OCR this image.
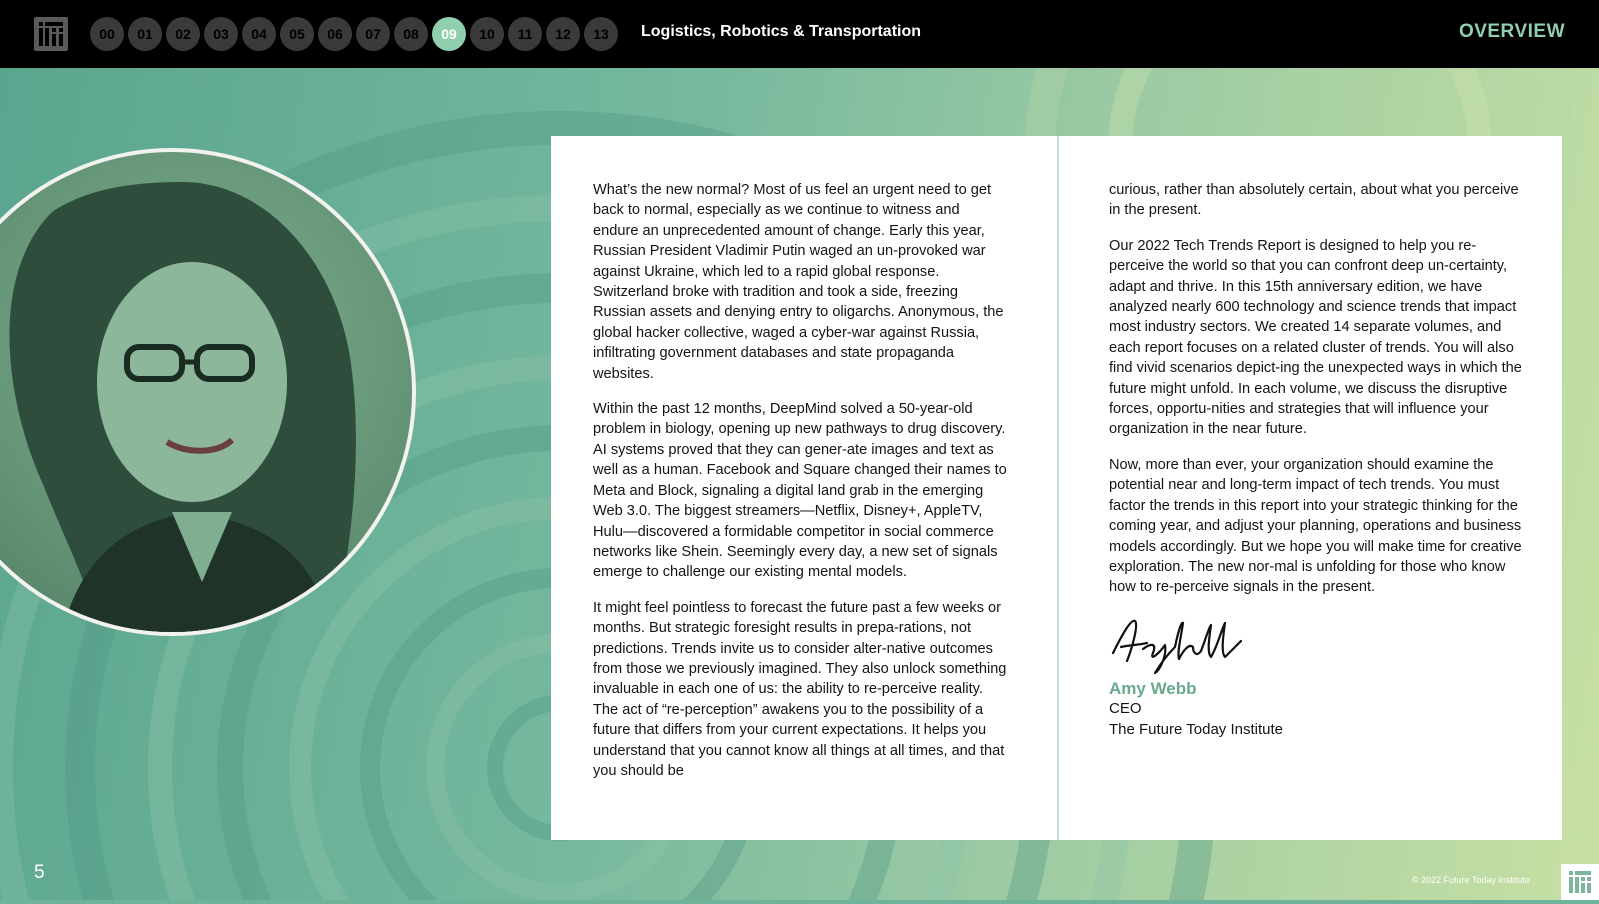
00	01	02	03	04	05	06	07	08	09	10	11	12	13	Logistics, Robotics & Transportation	OVERVIEW

What’s the new normal? Most of us feel an urgent need to get back to normal, especially as we continue to witness and endure an unprecedented amount of change. Early this year, Russian President Vladimir Putin waged an un-provoked war against Ukraine, which led to a rapid global response. Switzerland broke with tradition and took a side, freezing Russian assets and denying entry to oligarchs. Anonymous, the global hacker collective, waged a cyber-war against Russia, infiltrating government databases and state propaganda websites.

Within the past 12 months, DeepMind solved a 50-year-old problem in biology, opening up new pathways to drug discovery. AI systems proved that they can gener-ate images and text as well as a human. Facebook and Square changed their names to Meta and Block, signaling a digital land grab in the emerging Web 3.0. The biggest streamers—Netflix, Disney+, AppleTV, Hulu—discovered a formidable competitor in social commerce networks like Shein. Seemingly every day, a new set of signals emerge to challenge our existing mental models.

It might feel pointless to forecast the future past a few weeks or months. But strategic foresight results in prepa-rations, not predictions. Trends invite us to consider alter-native outcomes from those we previously imagined. They also unlock something invaluable in each one of us: the ability to re-perceive reality. The act of “re-perception” awakens you to the possibility of a future that differs from your current expectations. It helps you understand that you cannot know all things at all times, and that you should be

curious, rather than absolutely certain, about what you perceive in the present.

Our 2022 Tech Trends Report is designed to help you re-perceive the world so that you can confront deep un-certainty, adapt and thrive. In this 15th anniversary edition, we have analyzed nearly 600 technology and science trends that impact most industry sectors. We created 14 separate volumes, and each report focuses on a related cluster of trends. You will also find vivid scenarios depict-ing the unexpected ways in which the future might unfold. In each volume, we discuss the disruptive forces, opportu-nities and strategies that will influence your organization in the near future.

Now, more than ever, your organization should examine the potential near and long-term impact of tech trends. You must factor the trends in this report into your strategic thinking for the coming year, and adjust your planning, operations and business models accordingly. But we hope you will make time for creative exploration. The new nor-mal is unfolding for those who know how to re-perceive signals in the present.

Amy Webb
CEO
The Future Today Institute
5	© 2022 Future Today Institute
